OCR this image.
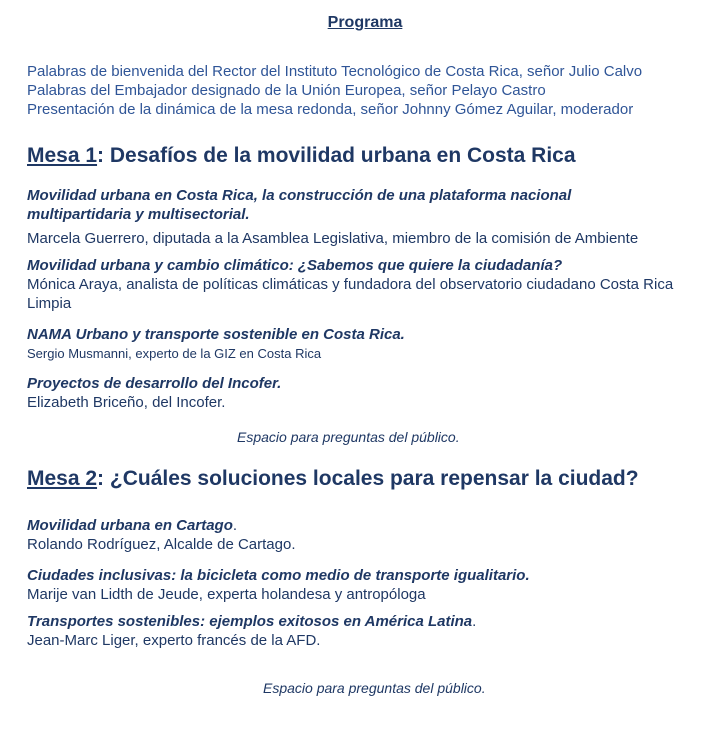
Programa
Palabras de bienvenida del Rector del Instituto Tecnológico de Costa Rica, señor Julio Calvo
Palabras del Embajador designado de la Unión Europea, señor Pelayo Castro
Presentación de la dinámica de la mesa redonda, señor Johnny Gómez Aguilar, moderador
Mesa 1: Desafíos de la movilidad urbana en Costa Rica
Movilidad urbana en Costa Rica, la construcción de una plataforma nacional multipartidaria y multisectorial.
Marcela Guerrero, diputada a la Asamblea Legislativa, miembro de la comisión de Ambiente
Movilidad urbana y cambio climático: ¿Sabemos que quiere la ciudadanía?
Mónica Araya, analista de políticas climáticas y fundadora del observatorio ciudadano Costa Rica Limpia
NAMA Urbano y transporte sostenible en Costa Rica.
Sergio Musmanni, experto de la GIZ en Costa Rica
Proyectos de desarrollo del Incofer.
Elizabeth Briceño, del Incofer.
Espacio para preguntas del público.
Mesa 2: ¿Cuáles soluciones locales para repensar la ciudad?
Movilidad urbana en Cartago.
Rolando Rodríguez, Alcalde de Cartago.
Ciudades inclusivas: la bicicleta como medio de transporte igualitario.
Marije van Lidth de Jeude, experta holandesa y antropóloga
Transportes sostenibles: ejemplos exitosos en América Latina.
Jean-Marc Liger, experto francés de la AFD.
Espacio para preguntas del público.
